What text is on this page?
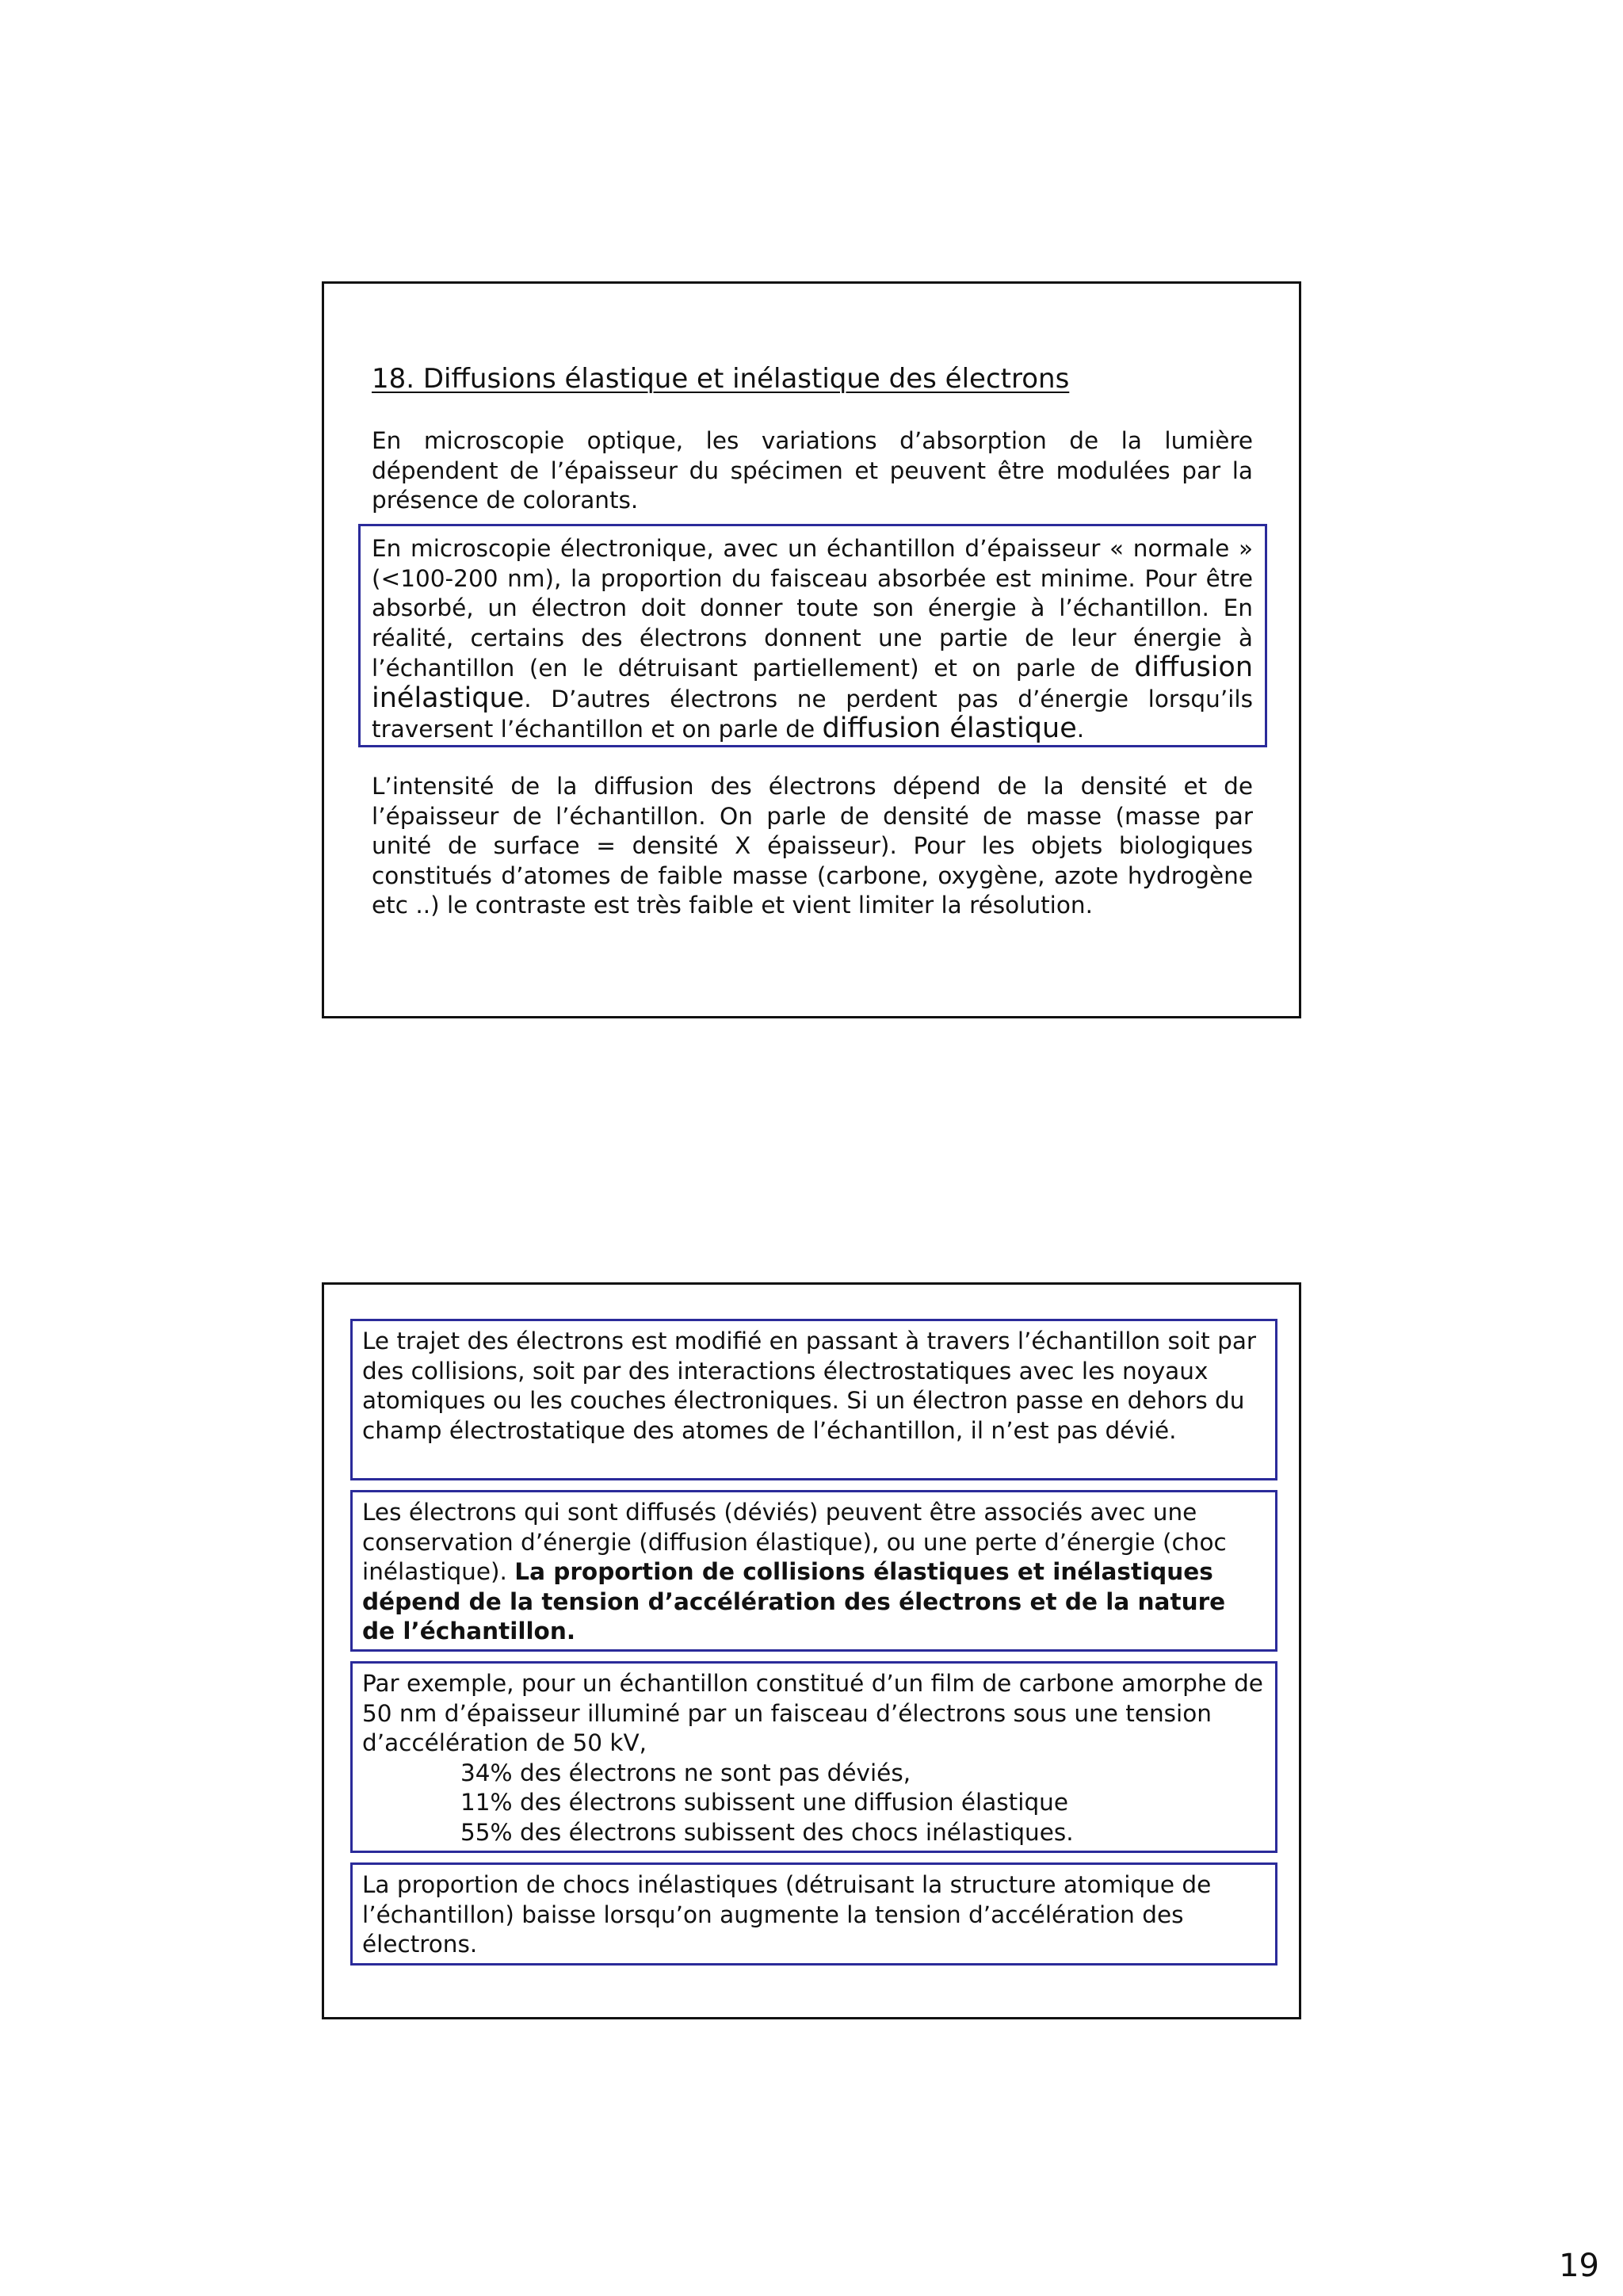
18. Diffusions élastique et inélastique des électrons

En microscopie optique, les variations d’absorption de la lumière dépendent de l’épaisseur du spécimen et peuvent être modulées par la présence de colorants.

En microscopie électronique, avec un échantillon d’épaisseur « normale » (<100-200 nm), la proportion du faisceau absorbée est minime. Pour être absorbé, un électron doit donner toute son énergie à l’échantillon. En réalité, certains des électrons donnent une partie de leur énergie à l’échantillon (en le détruisant partiellement) et on parle de diffusion inélastique. D’autres électrons ne perdent pas d’énergie lorsqu’ils traversent l’échantillon et on parle de diffusion élastique.

L’intensité de la diffusion des électrons dépend de la densité et de l’épaisseur de l’échantillon. On parle de densité de masse (masse par unité de surface = densité X épaisseur). Pour les objets biologiques constitués d’atomes de faible masse (carbone, oxygène, azote hydrogène etc ..) le contraste est très faible et vient limiter la résolution.

Le trajet des électrons est modifié en passant à travers l’échantillon soit par des collisions, soit par des interactions électrostatiques avec les noyaux atomiques ou les couches électroniques. Si un électron passe en dehors du champ électrostatique des atomes de l’échantillon, il n’est pas dévié.

Les électrons qui sont diffusés (déviés) peuvent être associés avec une conservation d’énergie (diffusion élastique), ou une perte d’énergie (choc inélastique). La proportion de collisions élastiques et inélastiques dépend de la tension d’accélération des électrons et de la nature de l’échantillon.

Par exemple, pour un échantillon constitué d’un film de carbone amorphe de 50 nm d’épaisseur illuminé par un faisceau d’électrons sous une tension d’accélération de 50 kV,

34% des électrons ne sont pas déviés,
11% des électrons subissent une diffusion élastique
55% des électrons subissent des chocs inélastiques.

La proportion de chocs inélastiques (détruisant la structure atomique de l’échantillon) baisse lorsqu’on augmente la tension d’accélération des électrons.

19
